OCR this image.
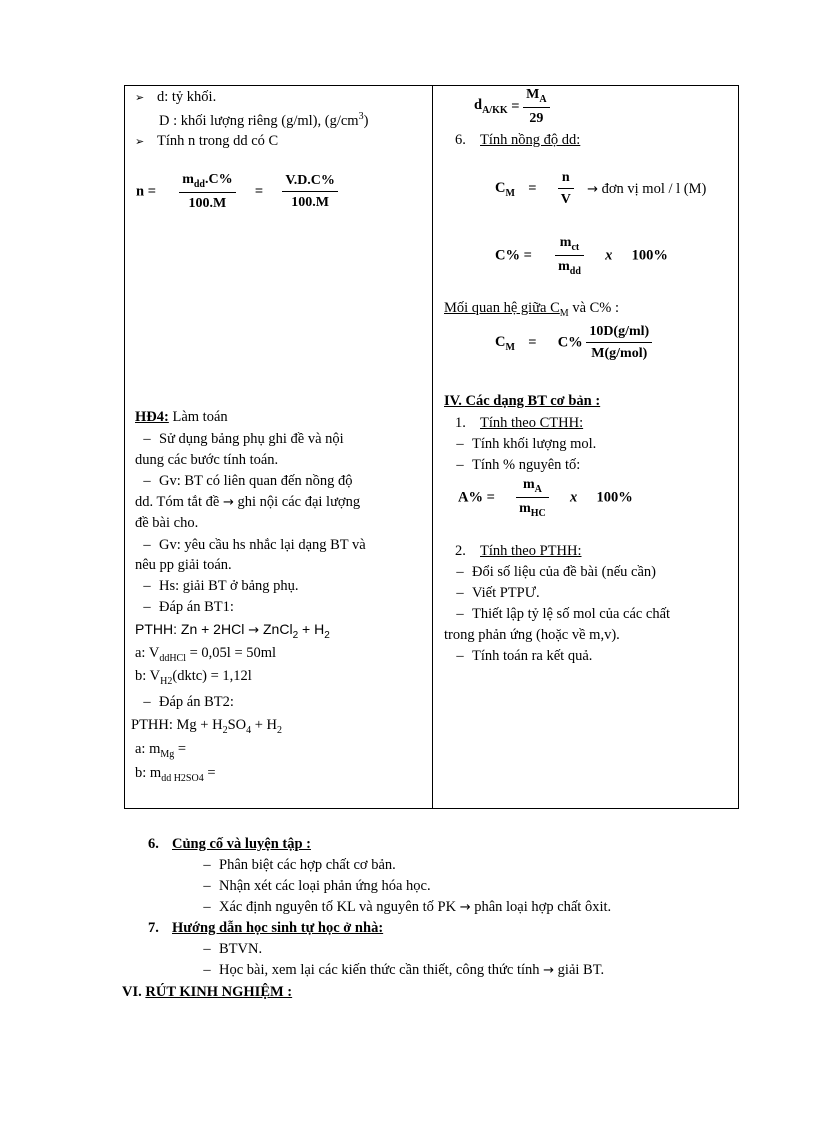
➢ d: tỷ khối.
D : khối lượng riêng (g/ml), $(g/cm^3)$
➢ Tính n trong dd có C
$n = \frac{m_{dd}.C\%}{100.M} = \frac{V.D.C\%}{100.M}$
HĐ4: Làm toán
– Sử dụng bảng phụ ghi đề và nội
dung các bước tính toán.
– Gv: BT có liên quan đến nồng độ
dd. Tóm tắt đề → ghi nội các đại lượng
đề bài cho.
– Gv: yêu cầu hs nhắc lại dạng BT và
nêu pp giải toán.
– Hs: giải BT ở bảng phụ.
– Đáp án BT1:
PTHH: Zn + 2HCl → ZnCl$_2$ + $H_2$
a: $V_{ddHCl} = 0,05l = 50ml$
b: $V_{H2}(dktc) = 1,12l$
– Đáp án BT2:
PTHH: $Mg + H_2SO_4 + H_2$
a: $m_{Mg}$ =
b: $m_{dd H2SO4}$ =
$d_{A/KK} = \frac{M_A}{29}$
6. Tính nồng độ dd:
$C_M = \frac{n}{V}$ → đơn vị mol / l (M)
$C\% = \frac{m_{ct}}{m_{dd}}$ x 100%
Mối quan hệ giữa $C_M$ và C% :
$C_M = C\% \frac{10D(g/ml)}{\text{M(g/mol)}}$
IV. Các dạng BT cơ bản :
1. Tính theo CTHH:
– Tính khối lượng mol.
– Tính % nguyên tố:
$A\% = \frac{m_A}{m_{HC}}$ x 100%
2. Tính theo PTHH:
– Đổi số liệu của đề bài (nếu cần)
– Viết PTPƯ.
– Thiết lập tỷ lệ số mol của các chất
trong phản ứng (hoặc về m,v).
– Tính toán ra kết quả.
6. Củng cố và luyện tập :
– Phân biệt các hợp chất cơ bản.
– Nhận xét các loại phản ứng hóa học.
– Xác định nguyên tố KL và nguyên tố PK → phân loại hợp chất ôxit.
7. Hướng dẫn học sinh tự học ở nhà:
– BTVN.
– Học bài, xem lại các kiến thức cần thiết, công thức tính → giải BT.
VI. RÚT KINH NGHIỆM :
